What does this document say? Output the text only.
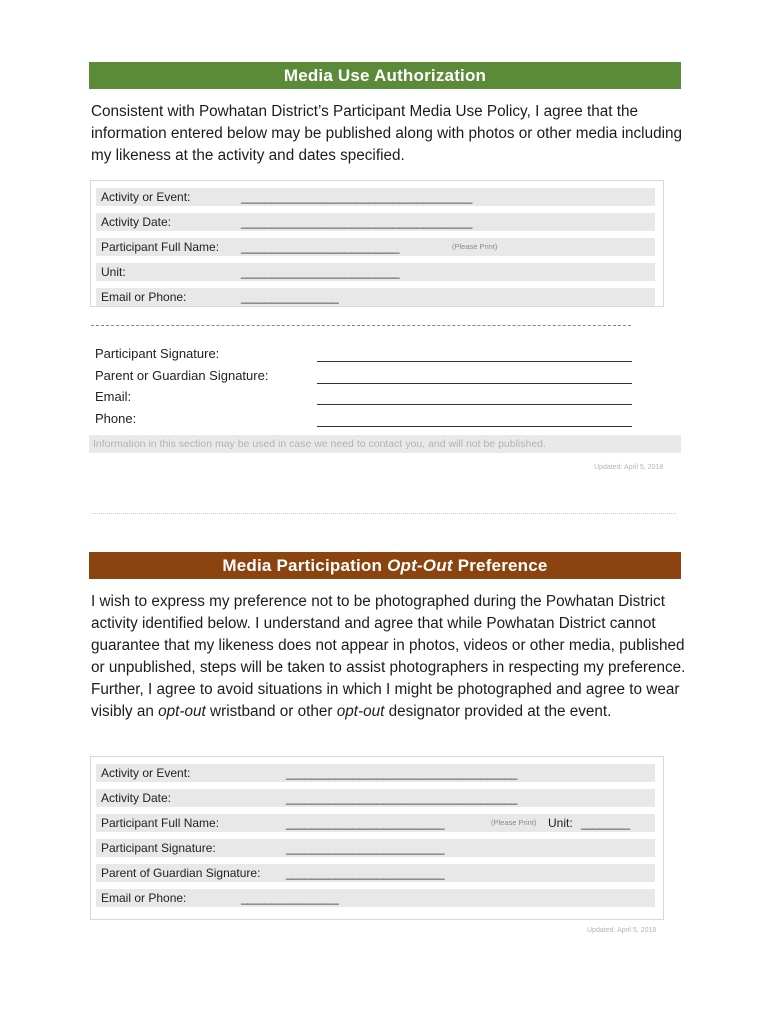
Media Use Authorization
Consistent with Powhatan District’s Participant Media Use Policy, I agree that the information entered below may be published along with photos or other media including my likeness at the activity and dates specified.
Activity or Event:	______________________________________
Activity Date:	______________________________________
Participant Full Name: __________________________	(Please Print)
Unit:	__________________________
Email or Phone:	________________
Participant Signature:
Parent or Guardian Signature:
Email:
Phone:
Information in this section may be used in case we need to contact you, and will not be published.
Updated: April 5, 2018
Media Participation Opt-Out Preference
I wish to express my preference not to be photographed during the Powhatan District activity identified below. I understand and agree that while Powhatan District cannot guarantee that my likeness does not appear in photos, videos or other media, published or unpublished, steps will be taken to assist photographers in respecting my preference. Further, I agree to avoid situations in which I might be photographed and agree to wear visibly an opt-out wristband or other opt-out designator provided at the event.
Activity or Event:	______________________________________
Activity Date:	______________________________________
Participant Full Name:	__________________________	(Please Print) Unit: ________
Participant Signature:	__________________________
Parent of Guardian Signature: __________________________
Email or Phone:	________________
Updated: April 5, 2018
